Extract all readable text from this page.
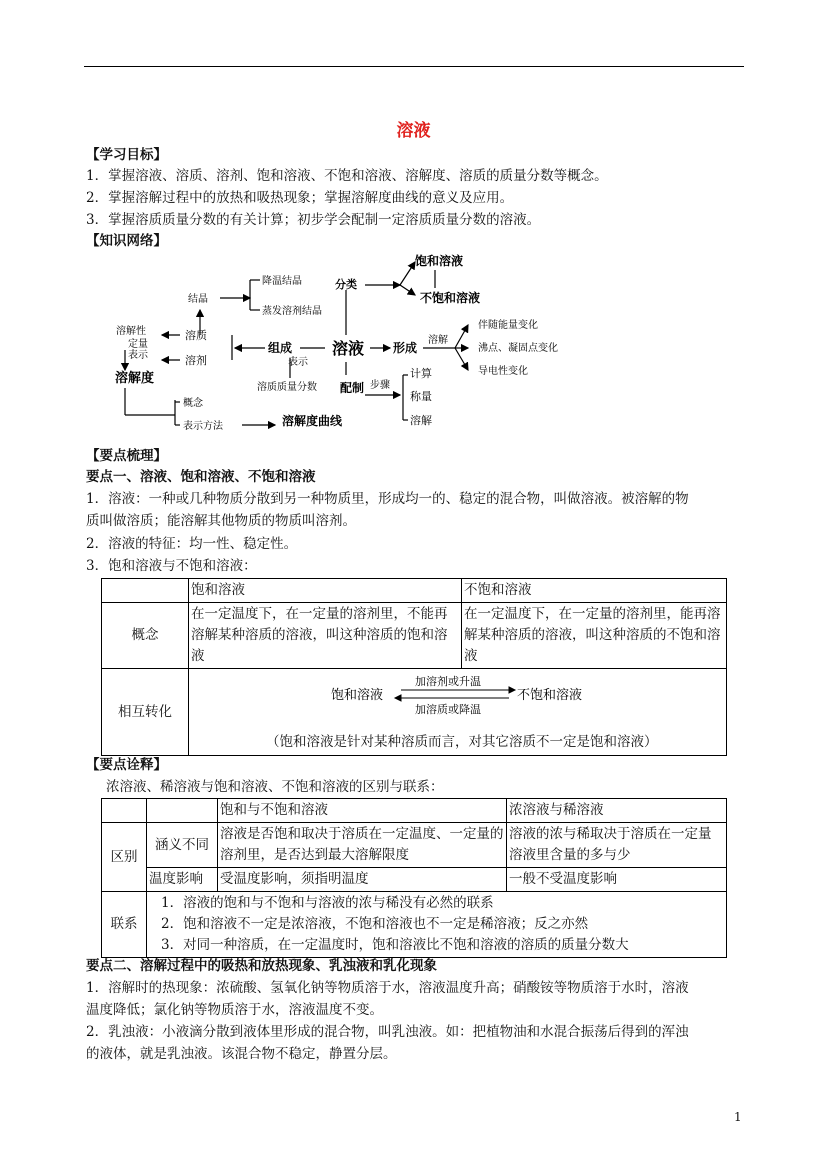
溶液
【学习目标】
1．掌握溶液、溶质、溶剂、饱和溶液、不饱和溶液、溶解度、溶质的质量分数等概念。
2．掌握溶解过程中的放热和吸热现象；掌握溶解度曲线的意义及应用。
3．掌握溶质质量分数的有关计算；初步学会配制一定溶质质量分数的溶液。
【知识网络】
溶液
分类
饱和溶液
不饱和溶液
形成
溶解
伴随能量变化
沸点、凝固点变化
导电性变化
组成
表示
溶质质量分数
溶质
溶剂
结晶
降温结晶
蒸发溶剂结晶
溶解性
定量
表示
溶解度
概念
表示方法	溶解度曲线
配制 步骤
计算
称量
溶解
【要点梳理】
要点一、溶液、饱和溶液、不饱和溶液
1．溶液：一种或几种物质分散到另一种物质里，形成均一的、稳定的混合物，叫做溶液。被溶解的物
质叫做溶质；能溶解其他物质的物质叫溶剂。
2．溶液的特征：均一性、稳定性。
3．饱和溶液与不饱和溶液：
	饱和溶液	不饱和溶液
概念	在一定温度下，在一定量的溶剂里，不能再溶解某种溶质的溶液，叫这种溶质的饱和溶液	在一定温度下，在一定量的溶剂里，能再溶解某种溶质的溶液，叫这种溶质的不饱和溶液
相互转化	饱和溶液 不饱和溶液
加溶剂或升温
加溶质或降温
（饱和溶液是针对某种溶质而言，对其它溶质不一定是饱和溶液）	
【要点诠释】
浓溶液、稀溶液与饱和溶液、不饱和溶液的区别与联系：
		饱和与不饱和溶液	浓溶液与稀溶液
区别	涵义不同	溶液是否饱和取决于溶质在一定温度、一定量的溶剂里，是否达到最大溶解限度	溶液的浓与稀取决于溶质在一定量溶液里含量的多与少
	温度影响	受温度影响，须指明温度	一般不受温度影响
联系	1．溶液的饱和与不饱和与溶液的浓与稀没有必然的联系
2．饱和溶液不一定是浓溶液，不饱和溶液也不一定是稀溶液；反之亦然
3．对同一种溶质，在一定温度时，饱和溶液比不饱和溶液的溶质的质量分数大		
要点二、溶解过程中的吸热和放热现象、乳浊液和乳化现象
1．溶解时的热现象：浓硫酸、氢氧化钠等物质溶于水，溶液温度升高；硝酸铵等物质溶于水时，溶液
温度降低；氯化钠等物质溶于水，溶液温度不变。
2．乳浊液：小液滴分散到液体里形成的混合物，叫乳浊液。如：把植物油和水混合振荡后得到的浑浊
的液体，就是乳浊液。该混合物不稳定，静置分层。
1
